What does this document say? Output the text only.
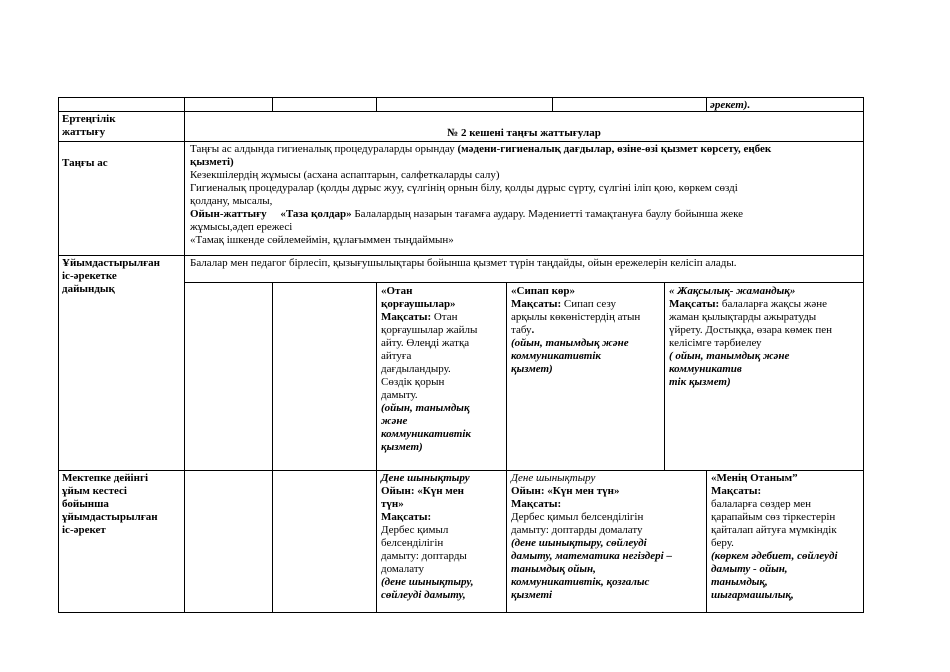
әрекет).
Ертеңгілік
жаттығу	№ 2 кешені таңғы жаттығулар
Таңғы ас
Таңғы ас алдында гигиеналық процедураларды орындау (мәдени-гигиеналық дағдылар, өзіне-өзі қызмет көрсету, еңбек
қызметі)
Кезекшілердің жұмысы (асхана аспаптарын, салфеткаларды салу)
Гигиеналық процедуралар (қолды дұрыс жуу, сүлгінің орнын білу, қолды дұрыс сүрту, сүлгіні іліп қою, көркем сөзді
қолдану, мысалы,
Ойын-жаттығу «Таза қолдар» Балалардың назарын тағамға аудару. Мәдениетті тамақтануға баулу бойынша жеке
жұмысы,әдеп ережесі
«Тамақ ішкенде сөйлемеймін, құлағыммен тыңдаймын»
Ұйымдастырылған
іс-әрекетке
дайындық
Балалар мен педагог бірлесіп, қызығушылықтары бойынша қызмет түрін таңдайды, ойын ережелерін келісіп алады.
«Отан
қорғаушылар»
Мақсаты: Отан
қорғаушылар жайлы
айту. Өлеңді жатқа
айтуға
дағдыландыру.
Сөздік қорын
дамыту.
(ойын, танымдық
және
коммуникативтік
қызмет)
«Сипап көр»
Мақсаты: Сипап сезу
арқылы көкөністердің атын
табу.
(ойын, танымдық және
коммуникативтік
қызмет)
« Жақсылық- жамандық»
Мақсаты: балаларға жақсы және
жаман қылықтарды ажыратуды
үйрету. Достыққа, өзара көмек пен
келісімге тәрбиелеу
( ойын, танымдық және
коммуникатив
тік қызмет)
Мектепке дейінгі
ұйым кестесі
бойынша
ұйымдастырылған
іс-әрекет
Дене шынықтыру
Ойын: «Күн мен
түн»
Мақсаты:
Дербес қимыл
белсенділігін
дамыту: доптарды
домалату
(дене шынықтыру,
сөйлеуді дамыту,
Дене шынықтыру
Ойын: «Күн мен түн»
Мақсаты:
Дербес қимыл белсенділігін
дамыту: доптарды домалату
(дене шынықтыру, сөйлеуді
дамыту, математика негіздері –
танымдық ойын,
коммуникативтік, қозғалыс
қызметі
«Менің Отаным”
Мақсаты:
балаларға сөздер мен
қарапайым сөз тіркестерін
қайталап айтуға мүмкіндік
беру.
(көркем әдебиет, сөйлеуді
дамыту - ойын,
танымдық,
шығармашылық,
